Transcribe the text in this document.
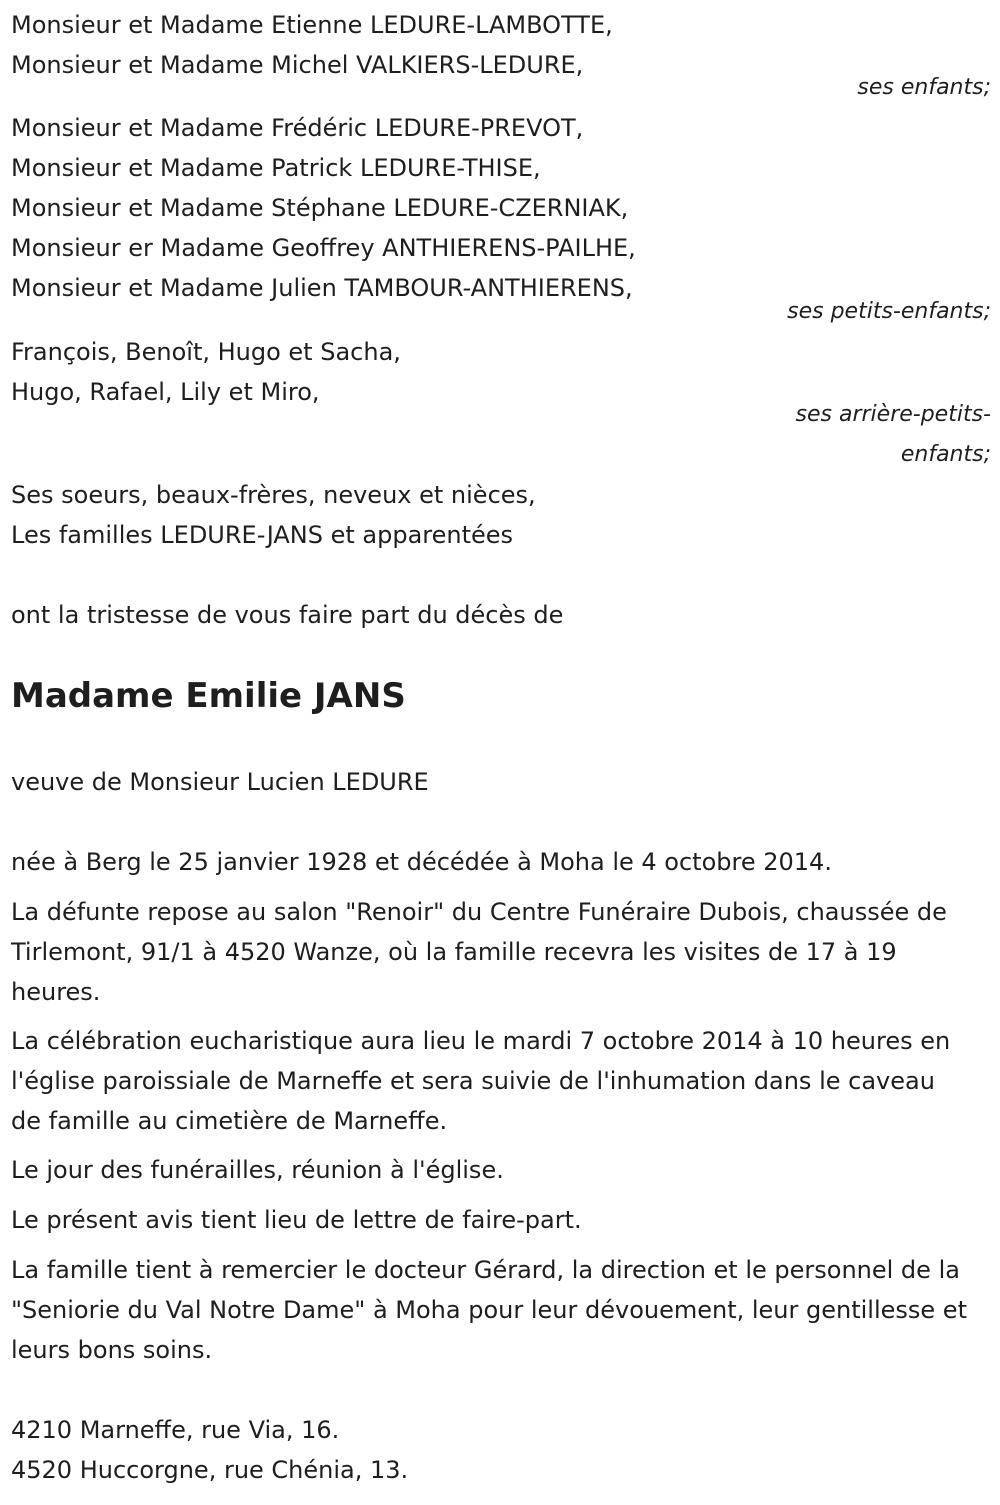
Monsieur et Madame Etienne LEDURE-LAMBOTTE,
Monsieur et Madame Michel VALKIERS-LEDURE,
ses enfants;
Monsieur et Madame Frédéric LEDURE-PREVOT,
Monsieur et Madame Patrick LEDURE-THISE,
Monsieur et Madame Stéphane LEDURE-CZERNIAK,
Monsieur er Madame Geoffrey ANTHIERENS-PAILHE,
Monsieur et Madame Julien TAMBOUR-ANTHIERENS,
ses petits-enfants;
François, Benoît, Hugo et Sacha,
Hugo, Rafael, Lily et Miro,
ses arrière-petits-
enfants;
Ses soeurs, beaux-frères, neveux et nièces,
Les familles LEDURE-JANS et apparentées
ont la tristesse de vous faire part du décès de
Madame Emilie JANS
veuve de Monsieur Lucien LEDURE
née à Berg le 25 janvier 1928 et décédée à Moha le 4 octobre 2014.
La défunte repose au salon "Renoir" du Centre Funéraire Dubois, chaussée de Tirlemont, 91/1 à 4520 Wanze, où la famille recevra les visites de 17 à 19 heures.
La célébration eucharistique aura lieu le mardi 7 octobre 2014 à 10 heures en l'église paroissiale de Marneffe et sera suivie de l'inhumation dans le caveau de famille au cimetière de Marneffe.
Le jour des funérailles, réunion à l'église.
Le présent avis tient lieu de lettre de faire-part.
La famille tient à remercier le docteur Gérard, la direction et le personnel de la "Seniorie du Val Notre Dame" à Moha pour leur dévouement, leur gentillesse et leurs bons soins.
4210 Marneffe, rue Via, 16.
4520 Huccorgne, rue Chénia, 13.
